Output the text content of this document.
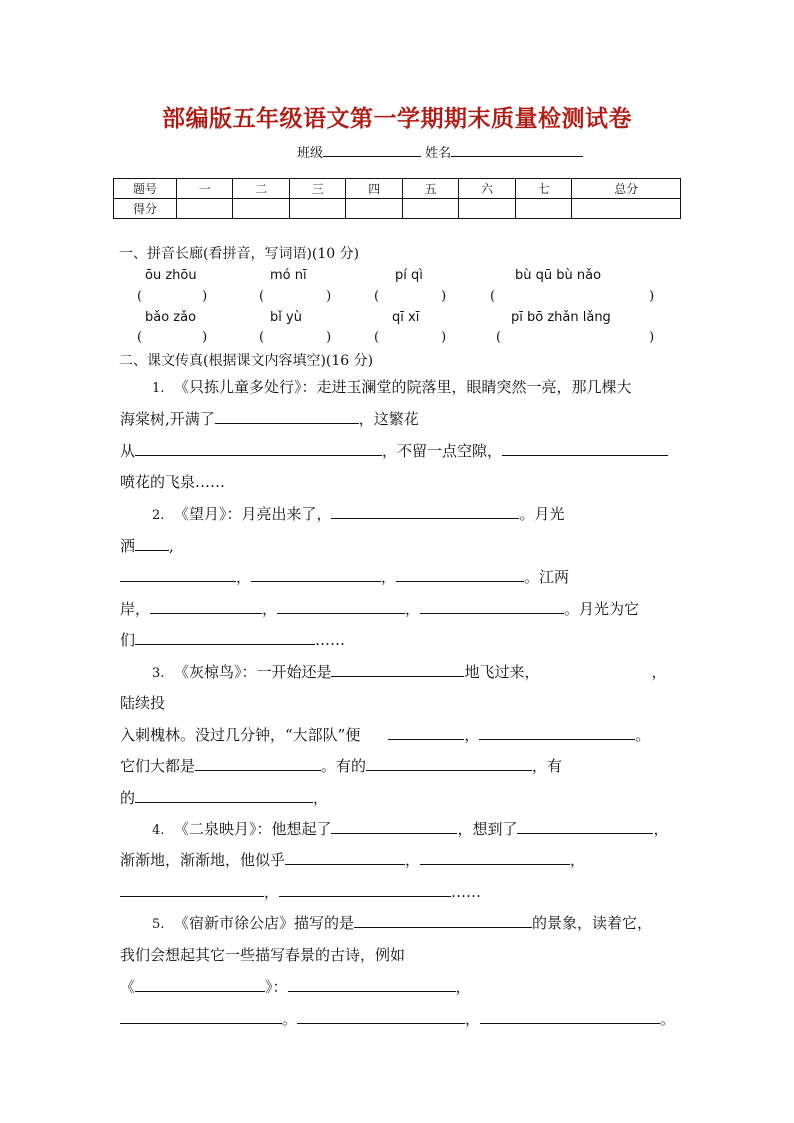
部编版五年级语文第一学期期末质量检测试卷
班级	姓名
题号	一	二	三	四	五	六	七	总分
得分								
一、拼音长廊(看拼音，写词语)(10 分)
ōu zhōu	mó nī	pí qì	bù qū bù nǎo
(	)	(	)	(	)	(	)
bǎo zǎo	bǐ yù	qī xī	pī bō zhǎn lǎng
(	)	(	)	(	)	(	)
二、课文传真(根据课文内容填空)(16 分)
1. 《只拣儿童多处行》：走进玉澜堂的院落里，眼睛突然一亮，那几棵大
海棠树,开满了	，这繁花
从	，不留一点空隙，
喷花的飞泉……
2. 《望月》：月亮出来了，	。月光
洒 ,
，	，	。江两
岸，	，	，	。月光为它
们	……
3. 《灰椋鸟》：一开始还是	地飞过来，	，
陆续投
入刺槐林。没过几分钟，“大部队”便	，	。
它们大都是	。有的	，有
的	，
4. 《二泉映月》：他想起了	，想到了	，
渐渐地，渐渐地，他似乎	，	，
，	……
5. 《宿新市徐公店》描写的是	的景象，读着它，
我们会想起其它一些描写春景的古诗，例如
《	》：	，
。	，	。
